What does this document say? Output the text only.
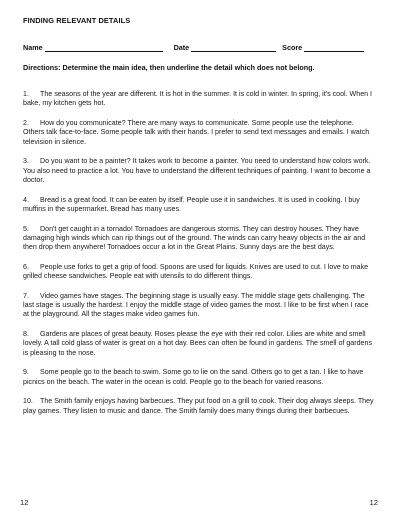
FINDING RELEVANT DETAILS
Name	Date	Score
Directions: Determine the main idea, then underline the detail which does not belong.

1. The seasons of the year are different. It is hot in the summer. It is cold in winter. In spring, it's cool. When I bake, my kitchen gets hot.

2. How do you communicate? There are many ways to communicate. Some people use the telephone. Others talk face-to-face. Some people talk with their hands. I prefer to send text messages and emails. I watch television in silence.

3. Do you want to be a painter? It takes work to become a painter. You need to understand how colors work. You also need to practice a lot. You have to understand the different techniques of painting. I want to become a doctor.

4. Bread is a great food. It can be eaten by itself. People use it in sandwiches. It is used in cooking. I buy muffins in the supermarket. Bread has many uses.

5. Don't get caught in a tornado! Tornadoes are dangerous storms. They can destroy houses. They have damaging high winds which can rip things out of the ground. The winds can carry heavy objects in the air and then drop them anywhere! Tornadoes occur a lot in the Great Plains. Sunny days are the best days.

6. People use forks to get a grip of food. Spoons are used for liquids. Knives are used to cut. I love to make grilled cheese sandwiches. People eat with utensils to do different things.

7. Video games have stages. The beginning stage is usually easy. The middle stage gets challenging. The last stage is usually the hardest. I enjoy the middle stage of video games the most. I like to be first when I race at the playground. All the stages make video games fun.

8. Gardens are places of great beauty. Roses please the eye with their red color. Lilies are white and smell lovely. A tall cold glass of water is great on a hot day. Bees can often be found in gardens. The smell of gardens is pleasing to the nose.

9. Some people go to the beach to swim. Some go to lie on the sand. Others go to get a tan. I like to have picnics on the beach. The water in the ocean is cold. People go to the beach for varied reasons.

10. The Smith family enjoys having barbecues. They put food on a grill to cook. Their dog always sleeps. They play games. They listen to music and dance. The Smith family does many things during their barbecues.

12	12
